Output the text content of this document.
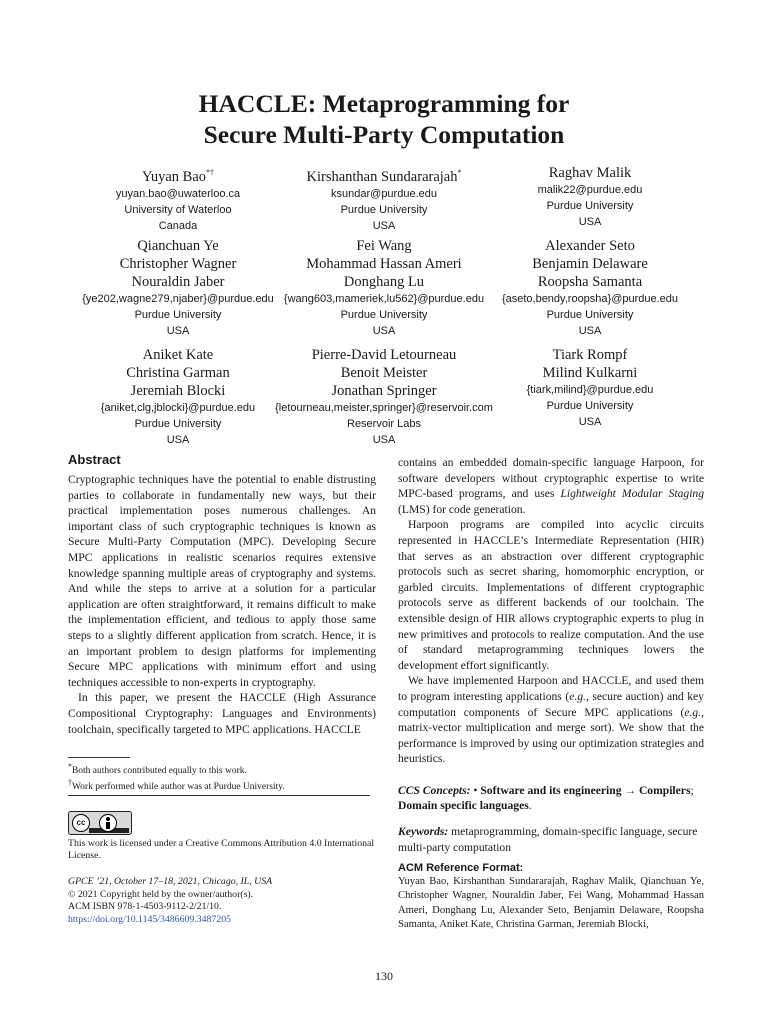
HACCLE: Metaprogramming for
Secure Multi-Party Computation
Yuyan Bao*†
yuyan.bao@uwaterloo.ca
University of Waterloo
Canada
Kirshanthan Sundararajah*
ksundar@purdue.edu
Purdue University
USA
Raghav Malik
malik22@purdue.edu
Purdue University
USA
Qianchuan Ye
Christopher Wagner
Nouraldin Jaber
{ye202,wagne279,njaber}@purdue.edu
Purdue University
USA
Fei Wang
Mohammad Hassan Ameri
Donghang Lu
{wang603,mameriek,lu562}@purdue.edu
Purdue University
USA
Alexander Seto
Benjamin Delaware
Roopsha Samanta
{aseto,bendy,roopsha}@purdue.edu
Purdue University
USA
Aniket Kate
Christina Garman
Jeremiah Blocki
{aniket,clg,jblocki}@purdue.edu
Purdue University
USA
Pierre-David Letourneau
Benoit Meister
Jonathan Springer
{letourneau,meister,springer}@reservoir.com
Reservoir Labs
USA
Tiark Rompf
Milind Kulkarni
{tiark,milind}@purdue.edu
Purdue University
USA
Abstract

Cryptographic techniques have the potential to enable distrusting parties to collaborate in fundamentally new ways, but their practical implementation poses numerous challenges. An important class of such cryptographic techniques is known as Secure Multi-Party Computation (MPC). Developing Secure MPC applications in realistic scenarios requires extensive knowledge spanning multiple areas of cryptography and systems. And while the steps to arrive at a solution for a particular application are often straightforward, it remains difficult to make the implementation efficient, and tedious to apply those same steps to a slightly different application from scratch. Hence, it is an important problem to design platforms for implementing Secure MPC applications with minimum effort and using techniques accessible to non-experts in cryptography.

In this paper, we present the HACCLE (High Assurance Compositional Cryptography: Languages and Environments) toolchain, specifically targeted to MPC applications. HACCLE

*Both authors contributed equally to this work.
†Work performed while author was at Purdue University.
cc
This work is licensed under a Creative Commons Attribution 4.0 International License.
GPCE ’21, October 17–18, 2021, Chicago, IL, USA
© 2021 Copyright held by the owner/author(s).
ACM ISBN 978-1-4503-9112-2/21/10.
https://doi.org/10.1145/3486609.3487205

contains an embedded domain-specific language Harpoon, for software developers without cryptographic expertise to write MPC-based programs, and uses Lightweight Modular Staging (LMS) for code generation.

Harpoon programs are compiled into acyclic circuits represented in HACCLE’s Intermediate Representation (HIR) that serves as an abstraction over different cryptographic protocols such as secret sharing, homomorphic encryption, or garbled circuits. Implementations of different cryptographic protocols serve as different backends of our toolchain. The extensible design of HIR allows cryptographic experts to plug in new primitives and protocols to realize computation. And the use of standard metaprogramming techniques lowers the development effort significantly.

We have implemented Harpoon and HACCLE, and used them to program interesting applications (e.g., secure auction) and key computation components of Secure MPC applications (e.g., matrix-vector multiplication and merge sort). We show that the performance is improved by using our optimization strategies and heuristics.

CCS Concepts: • Software and its engineering → Compilers; Domain specific languages.
Keywords: metaprogramming, domain-specific language, secure multi-party computation
ACM Reference Format:
Yuyan Bao, Kirshanthan Sundararajah, Raghav Malik, Qianchuan Ye, Christopher Wagner, Nouraldin Jaber, Fei Wang, Mohammad Hassan Ameri, Donghang Lu, Alexander Seto, Benjamin Delaware, Roopsha Samanta, Aniket Kate, Christina Garman, Jeremiah Blocki,
130
